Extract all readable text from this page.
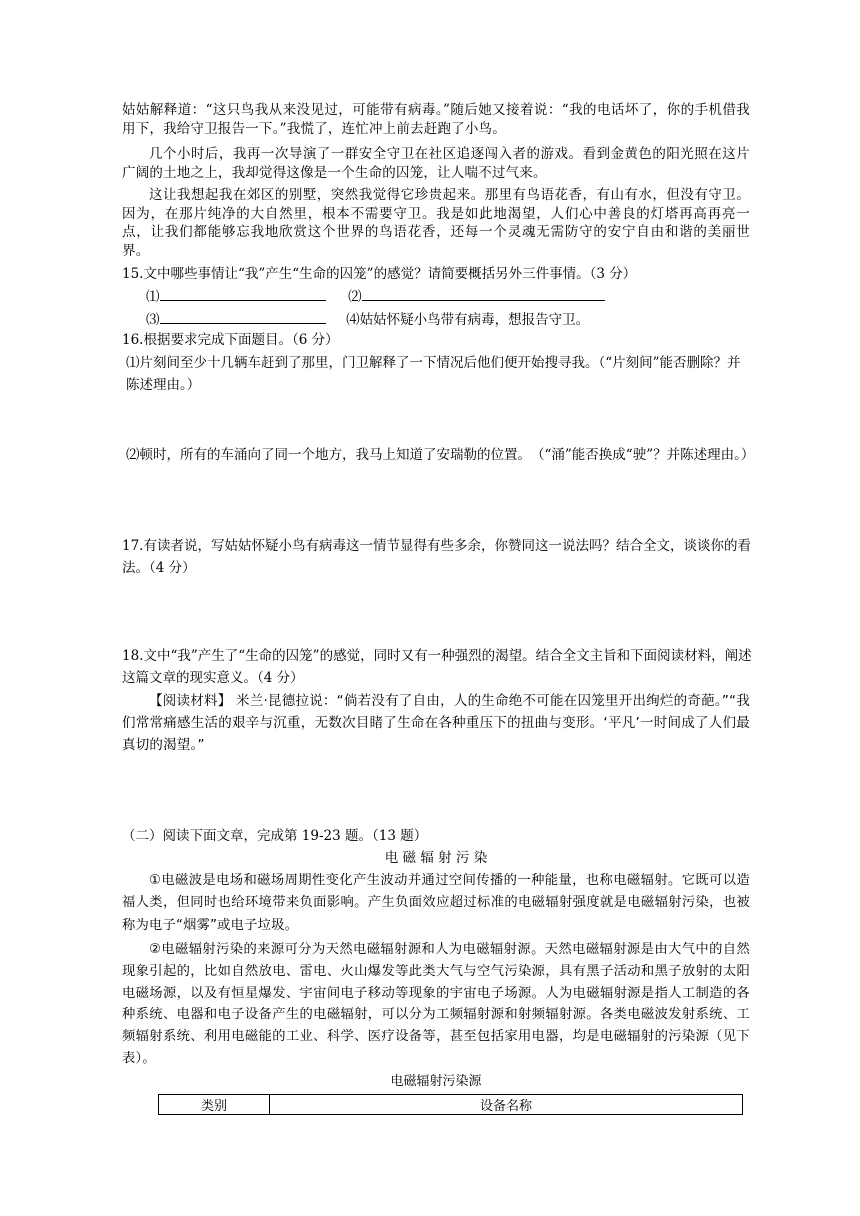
姑姑解释道：“这只鸟我从来没见过，可能带有病毒。”随后她又接着说：“我的电话坏了，你的手机借我用下，我给守卫报告一下。”我慌了，连忙冲上前去赶跑了小鸟。

几个小时后，我再一次导演了一群安全守卫在社区追逐闯入者的游戏。看到金黄色的阳光照在这片广阔的土地之上，我却觉得这像是一个生命的囚笼，让人喘不过气来。

这让我想起我在郊区的别墅，突然我觉得它珍贵起来。那里有鸟语花香，有山有水，但没有守卫。因为，在那片纯净的大自然里，根本不需要守卫。我是如此地渴望，人们心中善良的灯塔再高再亮一点，让我们都能够忘我地欣赏这个世界的鸟语花香，还每一个灵魂无需防守的安宁自由和谐的美丽世界。

15.文中哪些事情让“我”产生“生命的囚笼”的感觉？请简要概括另外三件事情。（3 分）

⑴	⑵
⑶	⑷姑姑怀疑小鸟带有病毒，想报告守卫。

16.根据要求完成下面题目。（6 分）

⑴片刻间至少十几辆车赶到了那里，门卫解释了一下情况后他们便开始搜寻我。（“片刻间”能否删除？并陈述理由。）

⑵顿时，所有的车涌向了同一个地方，我马上知道了安瑞勒的位置。　（“涌”能否换成“驶”？并陈述理由。）

17.有读者说，写姑姑怀疑小鸟有病毒这一情节显得有些多余，你赞同这一说法吗？结合全文，谈谈你的看法。（4 分）

18.文中“我”产生了“生命的囚笼”的感觉，同时又有一种强烈的渴望。结合全文主旨和下面阅读材料，阐述这篇文章的现实意义。（4 分）

【阅读材料】 米兰·昆德拉说：“倘若没有了自由，人的生命绝不可能在囚笼里开出绚烂的奇葩。”“我们常常痛感生活的艰辛与沉重，无数次目睹了生命在各种重压下的扭曲与变形。‘平凡’一时间成了人们最真切的渴望。”

（二）阅读下面文章，完成第 19-23 题。（13 题）

电 磁 辐 射 污 染

①电磁波是电场和磁场周期性变化产生波动并通过空间传播的一种能量，也称电磁辐射。它既可以造福人类，但同时也给环境带来负面影响。产生负面效应超过标准的电磁辐射强度就是电磁辐射污染，也被称为电子“烟雾”或电子垃圾。

②电磁辐射污染的来源可分为天然电磁辐射源和人为电磁辐射源。天然电磁辐射源是由大气中的自然现象引起的，比如自然放电、雷电、火山爆发等此类大气与空气污染源，具有黑子活动和黑子放射的太阳电磁场源，以及有恒星爆发、宇宙间电子移动等现象的宇宙电子场源。人为电磁辐射源是指人工制造的各种系统、电器和电子设备产生的电磁辐射，可以分为工频辐射源和射频辐射源。各类电磁波发射系统、工频辐射系统、利用电磁能的工业、科学、医疗设备等，甚至包括家用电器，均是电磁辐射的污染源（见下表）。

电磁辐射污染源
类别	设备名称
